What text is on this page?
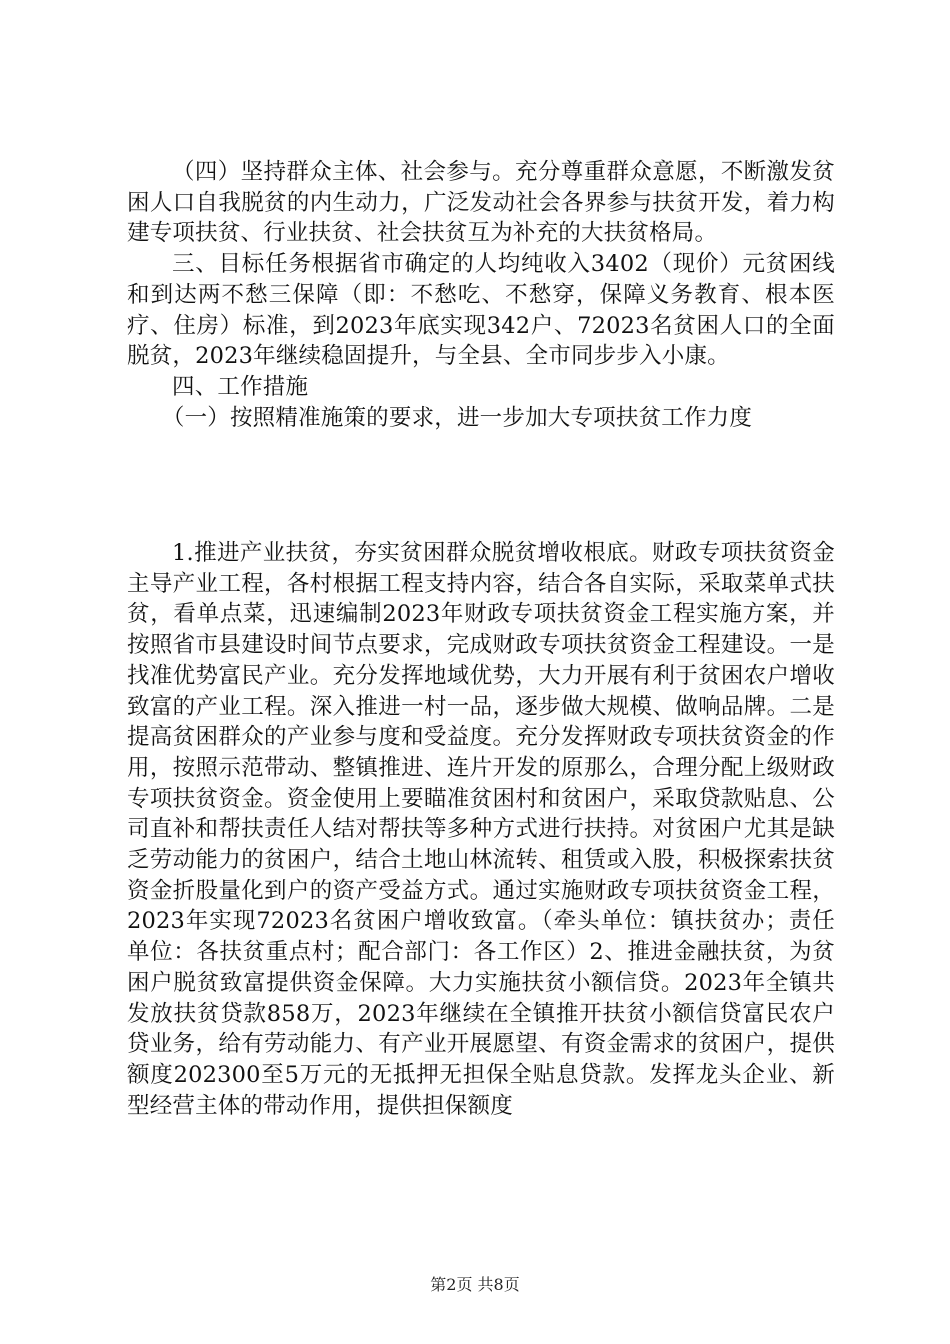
（四）坚持群众主体、社会参与。充分尊重群众意愿，不断激发贫困人口自我脱贫的内生动力，广泛发动社会各界参与扶贫开发，着力构建专项扶贫、行业扶贫、社会扶贫互为补充的大扶贫格局。

三、目标任务根据省市确定的人均纯收入3402（现价）元贫困线和到达两不愁三保障（即：不愁吃、不愁穿，保障义务教育、根本医疗、住房）标准，到2023年底实现342户、72023名贫困人口的全面脱贫，2023年继续稳固提升，与全县、全市同步步入小康。

四、工作措施

（一）按照精准施策的要求，进一步加大专项扶贫工作力度

1.推进产业扶贫，夯实贫困群众脱贫增收根底。财政专项扶贫资金主导产业工程，各村根据工程支持内容，结合各自实际，采取菜单式扶贫，看单点菜，迅速编制2023年财政专项扶贫资金工程实施方案，并按照省市县建设时间节点要求，完成财政专项扶贫资金工程建设。一是找准优势富民产业。充分发挥地域优势，大力开展有利于贫困农户增收致富的产业工程。深入推进一村一品，逐步做大规模、做响品牌。二是提高贫困群众的产业参与度和受益度。充分发挥财政专项扶贫资金的作用，按照示范带动、整镇推进、连片开发的原那么，合理分配上级财政专项扶贫资金。资金使用上要瞄准贫困村和贫困户，采取贷款贴息、公司直补和帮扶责任人结对帮扶等多种方式进行扶持。对贫困户尤其是缺乏劳动能力的贫困户，结合土地山林流转、租赁或入股，积极探索扶贫资金折股量化到户的资产受益方式。通过实施财政专项扶贫资金工程，2023年实现72023名贫困户增收致富。（牵头单位：镇扶贫办；责任单位：各扶贫重点村；配合部门：各工作区）2、推进金融扶贫，为贫困户脱贫致富提供资金保障。大力实施扶贫小额信贷。2023年全镇共发放扶贫贷款858万，2023年继续在全镇推开扶贫小额信贷富民农户贷业务，给有劳动能力、有产业开展愿望、有资金需求的贫困户，提供额度202300至5万元的无抵押无担保全贴息贷款。发挥龙头企业、新型经营主体的带动作用，提供担保额度

第2页 共8页
